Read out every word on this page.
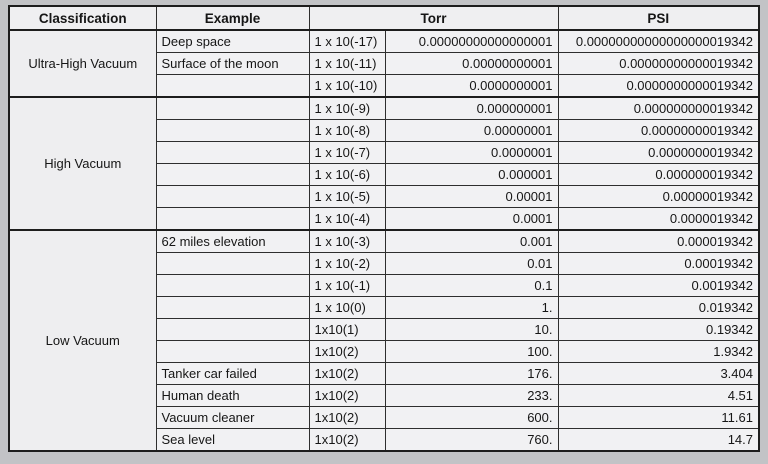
Classification	Example	Torr		PSI
Ultra-High Vacuum	Deep space	1 x 10(-17)	0.00000000000000001	0.00000000000000000019342
	Surface of the moon	1 x 10(-11)	0.00000000001	0.00000000000019342
		1 x 10(-10)	0.0000000001	0.0000000000019342
High Vacuum		1 x 10(-9)	0.000000001	0.000000000019342
		1 x 10(-8)	0.00000001	0.00000000019342
		1 x 10(-7)	0.0000001	0.0000000019342
		1 x 10(-6)	0.000001	0.000000019342
		1 x 10(-5)	0.00001	0.00000019342
		1 x 10(-4)	0.0001	0.0000019342
Low Vacuum	62 miles elevation	1 x 10(-3)	0.001	0.000019342
		1 x 10(-2)	0.01	0.00019342
		1 x 10(-1)	0.1	0.0019342
		1 x 10(0)	1.	0.019342
		1x10(1)	10.	0.19342
		1x10(2)	100.	1.9342
	Tanker car failed	1x10(2)	176.	3.404
	Human death	1x10(2)	233.	4.51
	Vacuum cleaner	1x10(2)	600.	11.61
	Sea level	1x10(2)	760.	14.7
